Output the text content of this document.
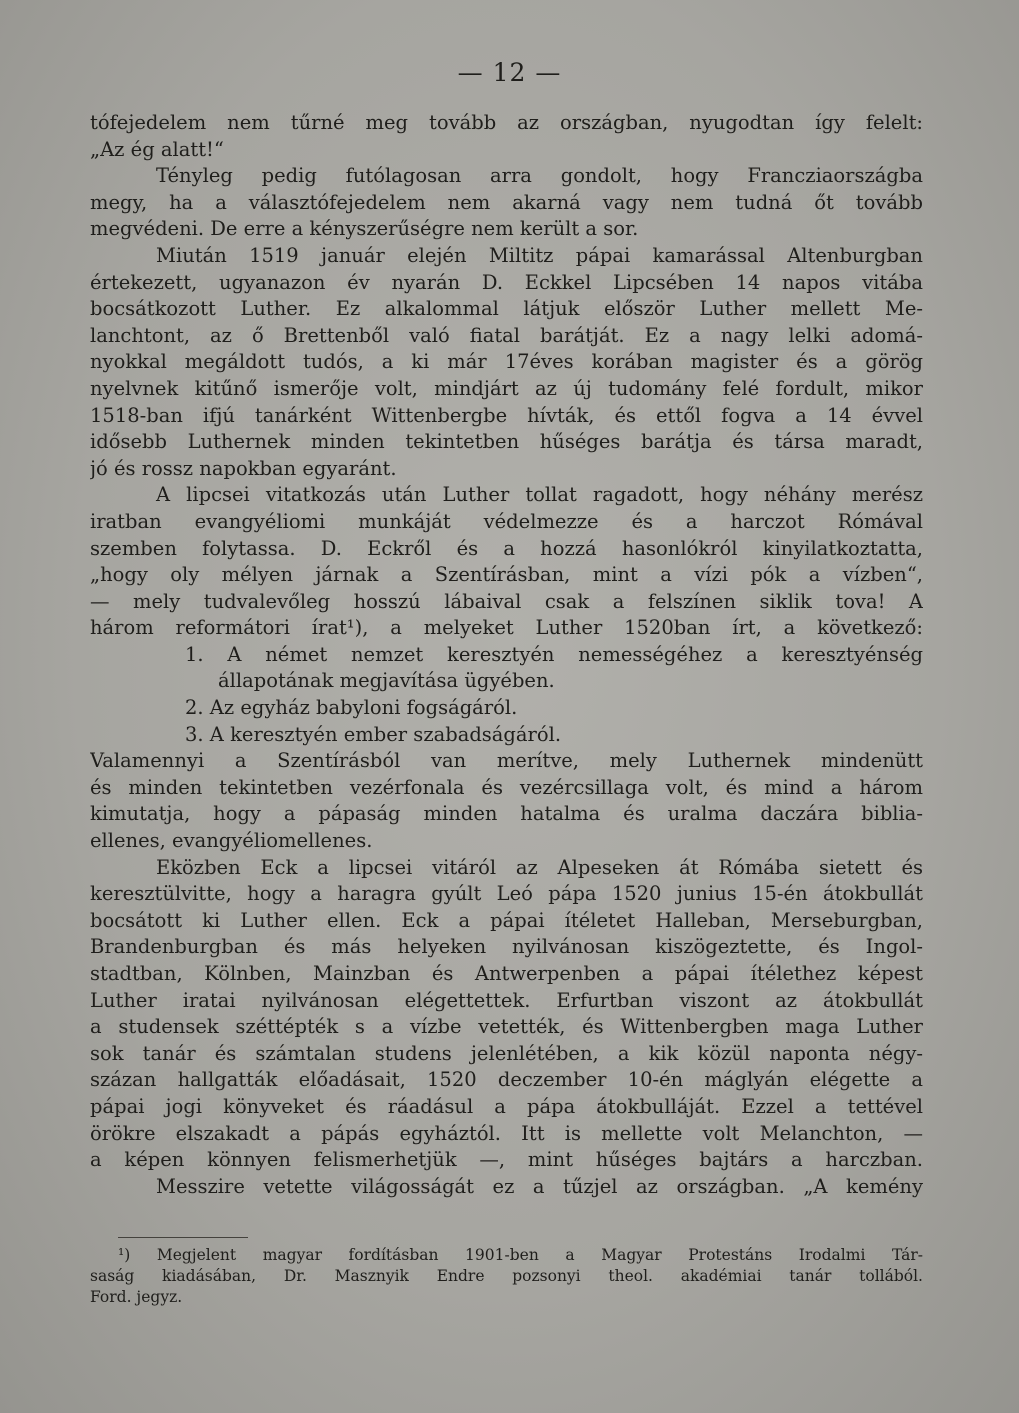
— 12 —
tófejedelem nem tűrné meg tovább az országban, nyugodtan így felelt:
„Az ég alatt!“
Tényleg pedig futólagosan arra gondolt, hogy Francziaországba
megy, ha a választófejedelem nem akarná vagy nem tudná őt tovább
megvédeni. De erre a kényszerűségre nem került a sor.
Miután 1519 január elején Miltitz pápai kamarással Altenburgban
értekezett, ugyanazon év nyarán D. Eckkel Lipcsében 14 napos vitába
bocsátkozott Luther. Ez alkalommal látjuk először Luther mellett Me-
lanchtont, az ő Brettenből való fiatal barátját. Ez a nagy lelki adomá-
nyokkal megáldott tudós, a ki már 17éves korában magister és a görög
nyelvnek kitűnő ismerője volt, mindjárt az új tudomány felé fordult, mikor
1518-ban ifjú tanárként Wittenbergbe hívták, és ettől fogva a 14 évvel
idősebb Luthernek minden tekintetben hűséges barátja és társa maradt,
jó és rossz napokban egyaránt.
A lipcsei vitatkozás után Luther tollat ragadott, hogy néhány merész
iratban evangyéliomi munkáját védelmezze és a harczot Rómával
szemben folytassa. D. Eckről és a hozzá hasonlókról kinyilatkoztatta,
„hogy oly mélyen járnak a Szentírásban, mint a vízi pók a vízben“,
— mely tudvalevőleg hosszú lábaival csak a felszínen siklik tova! A
három reformátori írat¹), a melyeket Luther 1520ban írt, a következő:
1. A német nemzet keresztyén nemességéhez a keresztyénség
állapotának megjavítása ügyében.
2. Az egyház babyloni fogságáról.
3. A keresztyén ember szabadságáról.
Valamennyi a Szentírásból van merítve, mely Luthernek mindenütt
és minden tekintetben vezérfonala és vezércsillaga volt, és mind a három
kimutatja, hogy a pápaság minden hatalma és uralma daczára biblia-
ellenes, evangyéliomellenes.
Eközben Eck a lipcsei vitáról az Alpeseken át Rómába sietett és
keresztülvitte, hogy a haragra gyúlt Leó pápa 1520 junius 15-én átokbullát
bocsátott ki Luther ellen. Eck a pápai ítéletet Halleban, Merseburgban,
Brandenburgban és más helyeken nyilvánosan kiszögeztette, és Ingol-
stadtban, Kölnben, Mainzban és Antwerpenben a pápai ítélethez képest
Luther iratai nyilvánosan elégettettek. Erfurtban viszont az átokbullát
a studensek széttépték s a vízbe vetették, és Wittenbergben maga Luther
sok tanár és számtalan studens jelenlétében, a kik közül naponta négy-
százan hallgatták előadásait, 1520 deczember 10-én máglyán elégette a
pápai jogi könyveket és ráadásul a pápa átokbulláját. Ezzel a tettével
örökre elszakadt a pápás egyháztól. Itt is mellette volt Melanchton, —
a képen könnyen felismerhetjük —, mint hűséges bajtárs a harczban.
Messzire vetette világosságát ez a tűzjel az országban. „A kemény
¹) Megjelent magyar fordításban 1901-ben a Magyar Protestáns Irodalmi Tár-
saság kiadásában, Dr. Masznyik Endre pozsonyi theol. akadémiai tanár tollából.
Ford. jegyz.
